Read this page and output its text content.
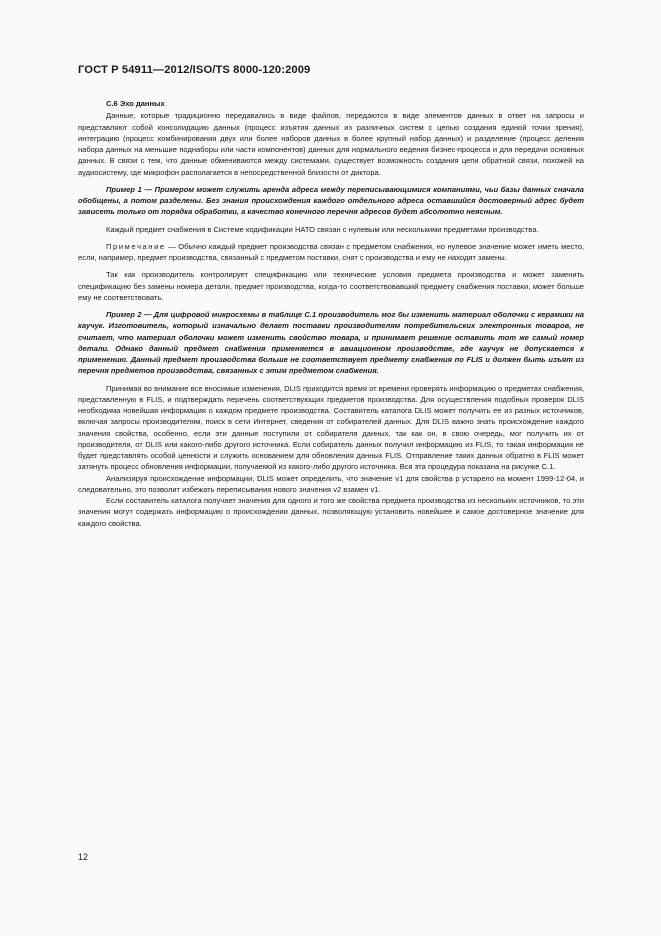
ГОСТ Р 54911—2012/ISO/TS 8000-120:2009

C.6 Эхо данных

Данные, которые традиционно передавались в виде файлов, передаются в виде элементов данных в ответ на запросы и представляют собой консолидацию данных (процесс изъятия данных из различных систем с целью создания единой точки зрения), интеграцию (процесс комбинирования двух или более наборов данных в более крупный набор данных) и разделение (процесс деления набора данных на меньшие поднаборы или части компонентов) данных для нормального ведения бизнес-процесса и для передачи основных данных. В связи с тем, что данные обмениваются между системами, существует возможность создания цепи обратной связи, похожей на аудиосистему, где микрофон располагается в непосредственной близости от диктора.

Пример 1 — Примером может служить аренда адреса между переписывающимися компаниями, чьи базы данных сначала обобщены, а потом разделены. Без знания происхождения каждого отдельного адреса оставшийся достоверный адрес будет зависеть только от порядка обработки, а качество конечного перечня адресов будет абсолютно неясным.

Каждый предмет снабжения в Системе кодификации НАТО связан с нулевым или несколькими предметами производства.

Примечание — Обычно каждый предмет производства связан с предметом снабжения, но нулевое значение может иметь место, если, например, предмет производства, связанный с предметом поставки, снят с производства и ему не находят замены.

Так как производитель контролирует спецификацию или технические условия предмета производства и может заменить спецификацию без замены номера детали, предмет производства, когда-то соответствовавший предмету снабжения поставки, может больше ему не соответствовать.

Пример 2 — Для цифровой микросхемы в таблице C.1 производитель мог бы изменить материал оболочки с керамики на каучук. Изготовитель, который изначально делает поставки производителям потребительских электронных товаров, не считает, что материал оболочки может изменить свойство товара, и принимает решение оставить тот же самый номер детали. Однако данный предмет снабжения применяется в авиационном производстве, где каучук не допускается к применению. Данный предмет производства больше не соответствует предмету снабжения по FLIS и должен быть изъят из перечня предметов производства, связанных с этим предметом снабжения.

Принимая во внимание все вносимые изменения, DLIS приходится время от времени проверять информацию о предметах снабжения, представленную в FLIS, и подтверждать перечень соответствующих предметов производства. Для осуществления подобных проверок DLIS необходима новейшая информация о каждом предмете производства. Составитель каталога DLIS может получить ее из разных источников, включая запросы производителям, поиск в сети Интернет, сведения от собирателей данных. Для DLIS важно знать происхождение каждого значения свойства, особенно, если эти данные поступили от собирателя данных, так как он, в свою очередь, мог получить их от производителя, от DLIS или какого-либо другого источника. Если собиратель данных получил информацию из FLIS, то такая информация не будет представлять особой ценности и служить основанием для обновления данных FLIS. Отправление таких данных обратно в FLIS может затянуть процесс обновления информации, получаемой из какого-либо другого источника. Вся эта процедура показана на рисунке C.1.

Анализируя происхождение информации, DLIS может определить, что значение v1 для свойства p устарело на момент 1999-12-04, и следовательно, это позволит избежать переписывания нового значения v2 взамен v1.

Если составитель каталога получает значения для одного и того же свойства предмета производства из нескольких источников, то эти значения могут содержать информацию о происхождении данных, позволяющую установить новейшее и самое достоверное значение для каждого свойства.

12
